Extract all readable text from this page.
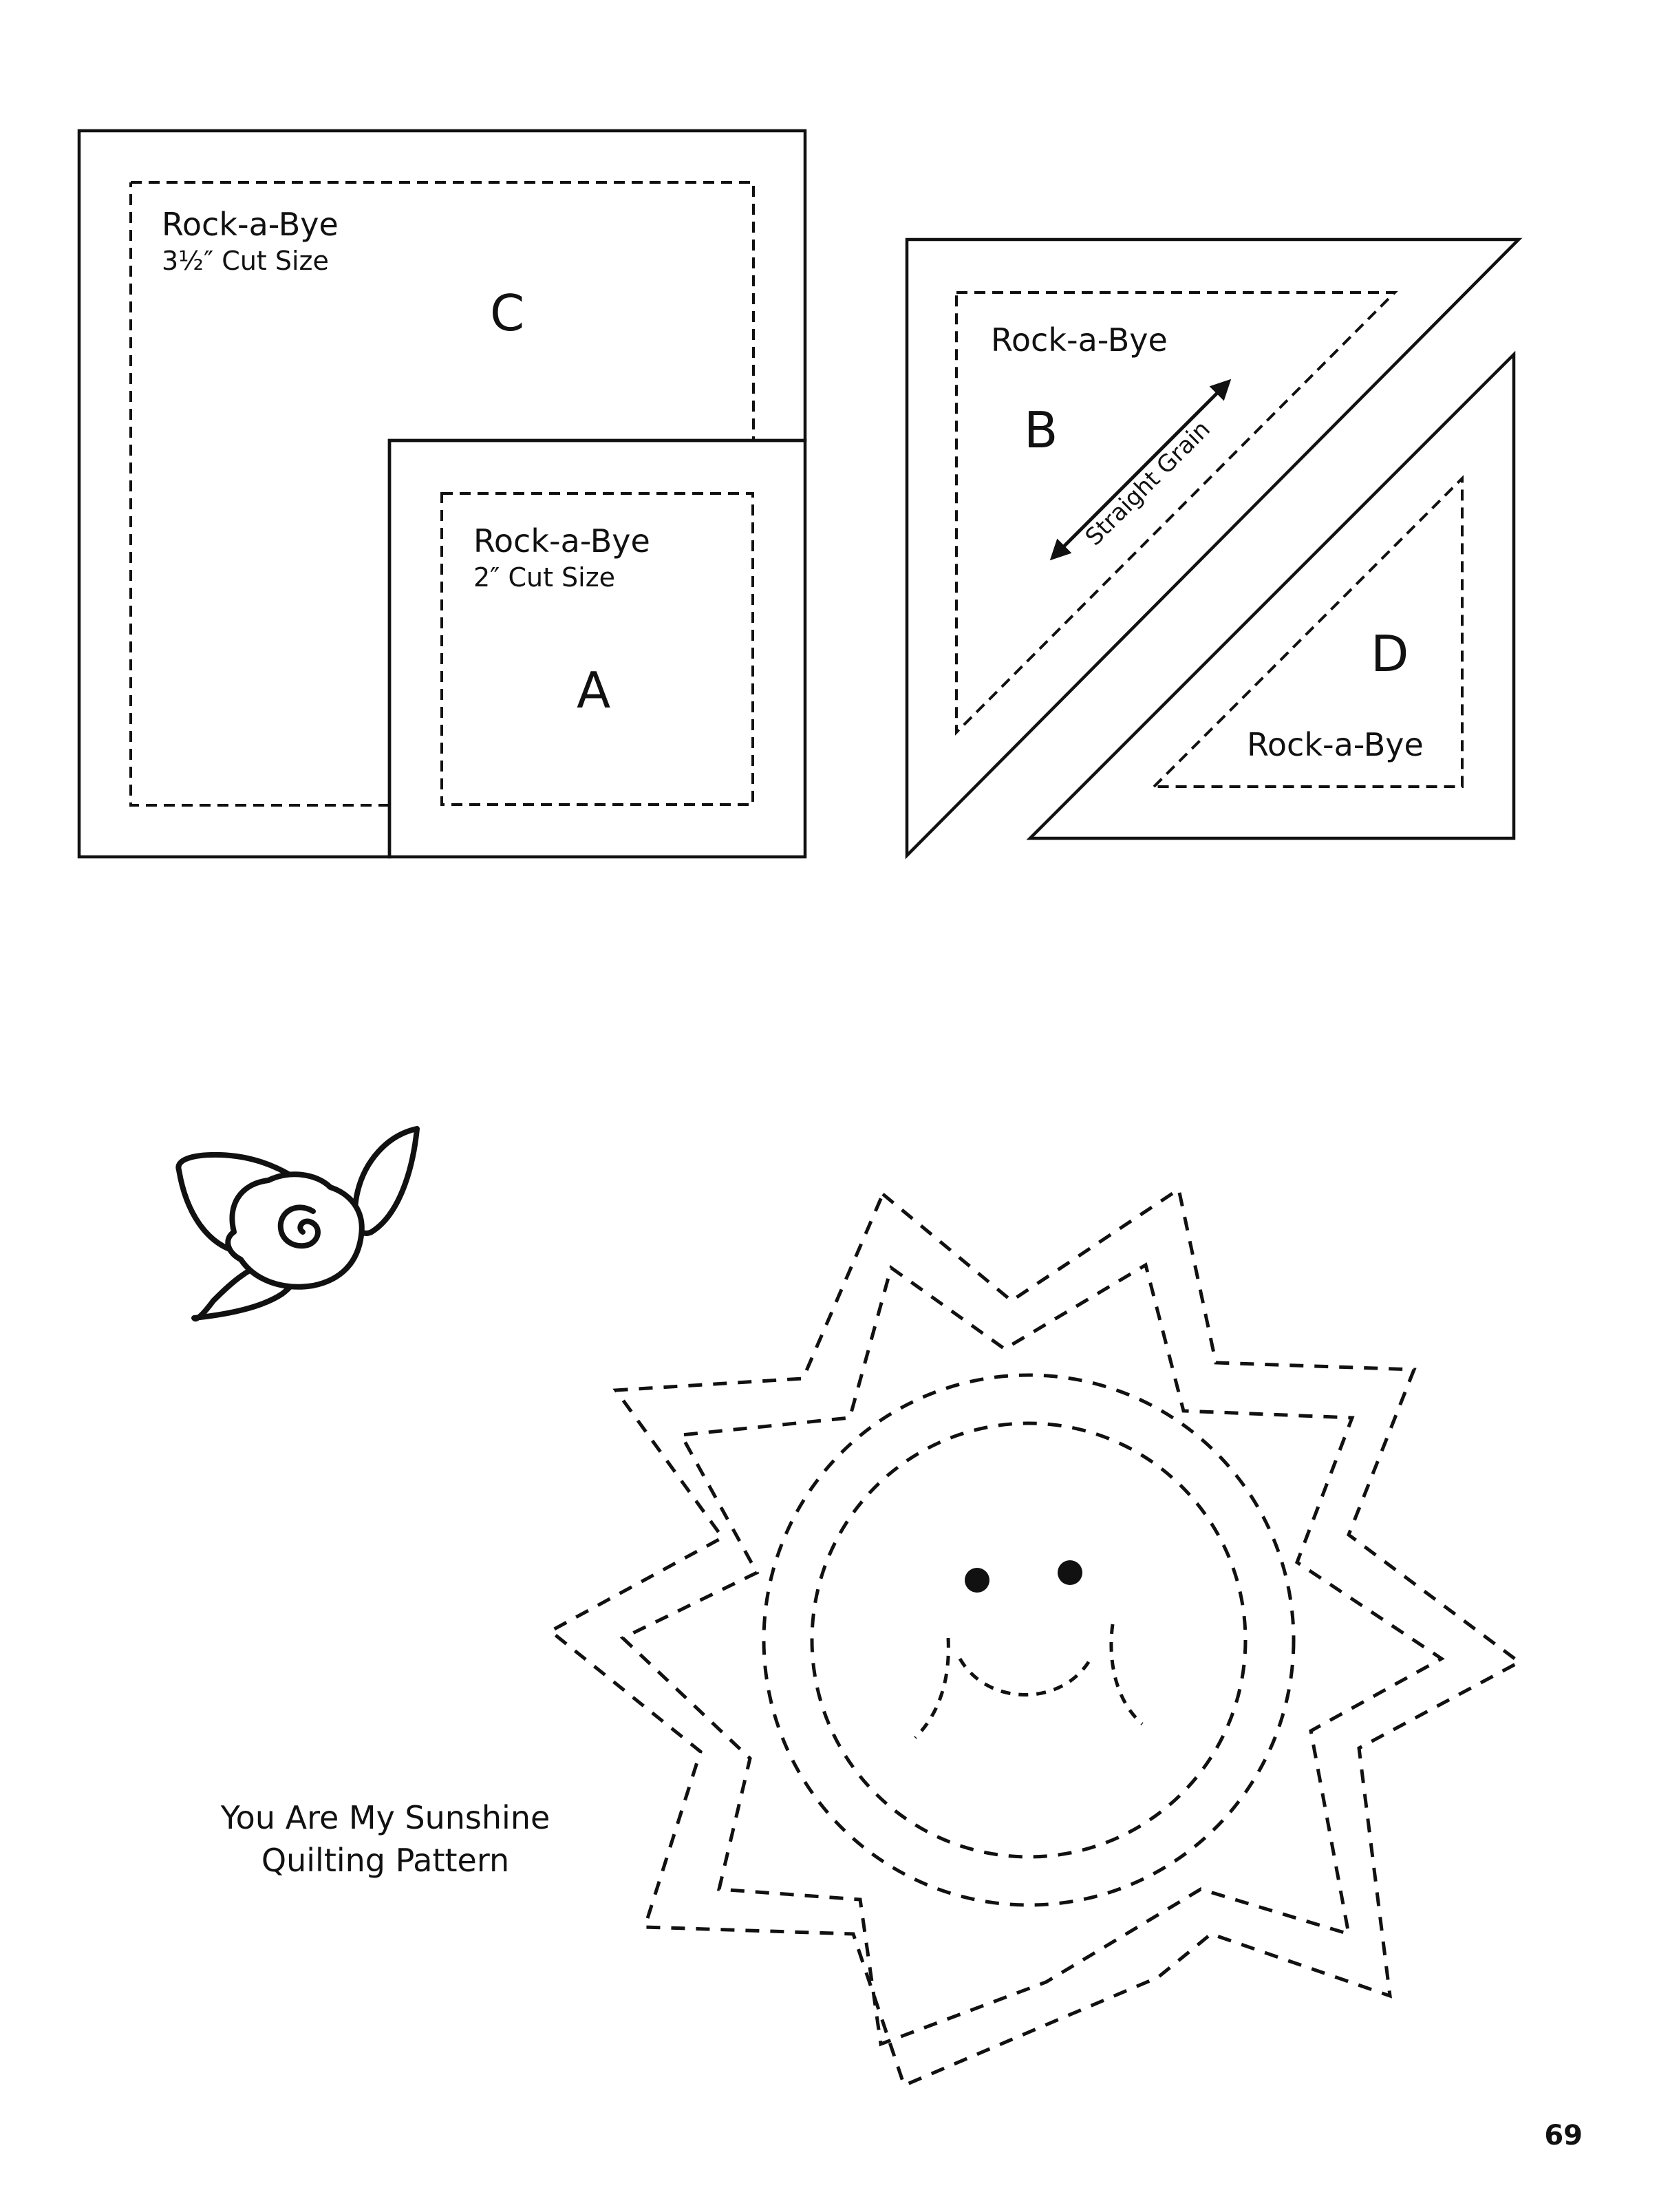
Rock-a-Bye
3½″ Cut Size
C
Rock-a-Bye
2″ Cut Size
A
Rock-a-Bye
B Straight Grain
D
Rock-a-Bye
You Are My Sunshine
Quilting Pattern
69
